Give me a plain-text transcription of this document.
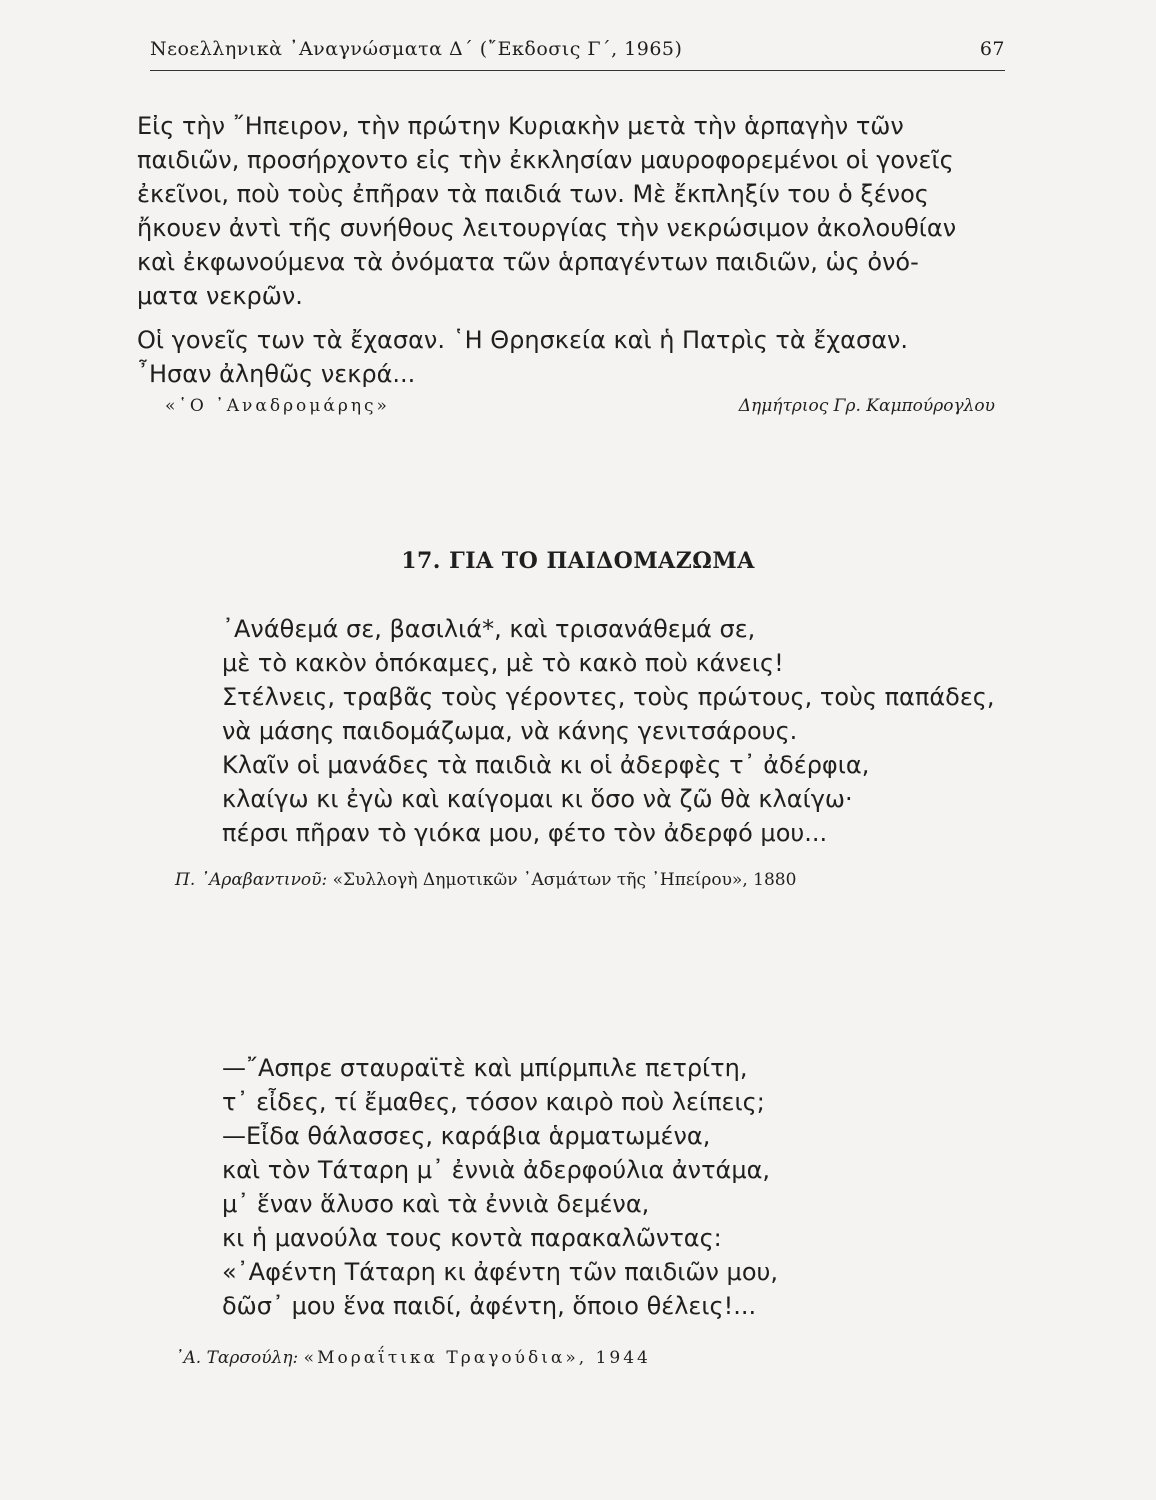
Νεοελληνικὰ ᾽Αναγνώσματα Δ΄ (῎Εκδοσις Γ΄, 1965)	67
Εἰς τὴν ῎Ηπειρον, τὴν πρώτην Κυριακὴν μετὰ τὴν ἁρπαγὴν τῶν
παιδιῶν, προσήρχοντο εἰς τὴν ἐκκλησίαν μαυροφορεμένοι οἱ γονεῖς
ἐκεῖνοι, ποὺ τοὺς ἐπῆραν τὰ παιδιά των. Μὲ ἔκπληξίν του ὁ ξένος
ἤκουεν ἀντὶ τῆς συνήθους λειτουργίας τὴν νεκρώσιμον ἀκολουθίαν
καὶ ἐκφωνούμενα τὰ ὀνόματα τῶν ἁρπαγέντων παιδιῶν, ὡς ὀνό-
ματα νεκρῶν.
Οἱ γονεῖς των τὰ ἔχασαν. ῾Η Θρησκεία καὶ ἡ Πατρὶς τὰ ἔχασαν.
῏Ησαν ἀληθῶς νεκρά...
«῾Ο ᾽Αναδρομάρης»	Δημήτριος Γρ. Καμπούρογλου
17. ΓΙΑ ΤΟ ΠΑΙΔΟΜΑΖΩΜΑ
᾽Ανάθεμά σε, βασιλιά*, καὶ τρισανάθεμά σε,
μὲ τὸ κακὸν ὁπόκαμες, μὲ τὸ κακὸ ποὺ κάνεις!
Στέλνεις, τραβᾶς τοὺς γέροντες, τοὺς πρώτους, τοὺς παπάδες,
νὰ μάσης παιδομάζωμα, νὰ κάνης γενιτσάρους.
Κλαῖν οἱ μανάδες τὰ παιδιὰ κι οἱ ἀδερφὲς τ᾽ ἀδέρφια,
κλαίγω κι ἐγὼ καὶ καίγομαι κι ὅσο νὰ ζῶ θὰ κλαίγω·
πέρσι πῆραν τὸ γιόκα μου, φέτο τὸν ἀδερφό μου...
Π. ᾽Αραβαντινοῦ: «Συλλογὴ Δημοτικῶν ᾽Ασμάτων τῆς ᾽Ηπείρου», 1880
—῎Ασπρε σταυραϊτὲ καὶ μπίρμπιλε πετρίτη,
τ᾽ εἶδες, τί ἔμαθες, τόσον καιρὸ ποὺ λείπεις;
—Εἶδα θάλασσες, καράβια ἁρματωμένα,
καὶ τὸν Τάταρη μ᾽ ἐννιὰ ἀδερφούλια ἀντάμα,
μ᾽ ἕναν ἅλυσο καὶ τὰ ἐννιὰ δεμένα,
κι ἡ μανούλα τους κοντὰ παρακαλῶντας:
«᾽Αφέντη Τάταρη κι ἀφέντη τῶν παιδιῶν μου,
δῶσ᾽ μου ἕνα παιδί, ἀφέντη, ὅποιο θέλεις!...
᾽Α. Ταρσούλη: «Μοραΐτικα Τραγούδια», 1944
